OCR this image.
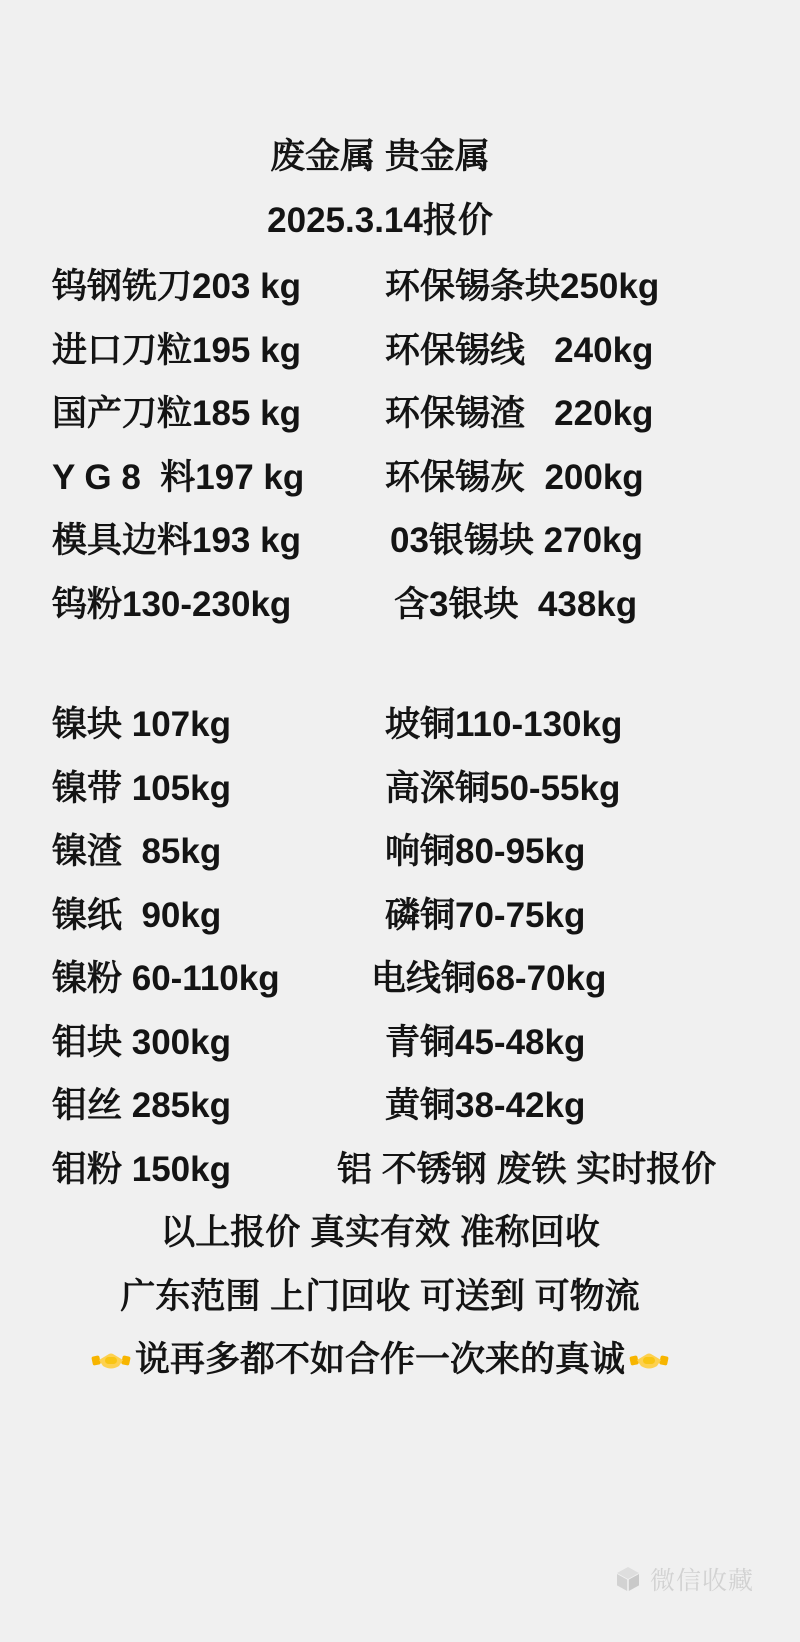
废金属 贵金属
2025.3.14报价
钨钢铣刀203 kg 环保锡条块250kg
进口刀粒195 kg 环保锡线   240kg
国产刀粒185 kg 环保锡渣   220kg
Y G 8  料197 kg 环保锡灰  200kg
模具边料193 kg	03银锡块 270kg
钨粉130-230kg	含3银块  438kg
镍块 107kg	坡铜110-130kg
镍带 105kg	高深铜50-55kg
镍渣  85kg	响铜80-95kg
镍纸  90kg	磷铜70-75kg
镍粉 60-110kg	电线铜68-70kg
钼块 300kg	青铜45-48kg
钼丝 285kg	黄铜38-42kg
钼粉 150kg	铝 不锈钢 废铁 实时报价
以上报价 真实有效 准称回收
广东范围 上门回收 可送到 可物流
说再多都不如合作一次来的真诚
微信收藏
